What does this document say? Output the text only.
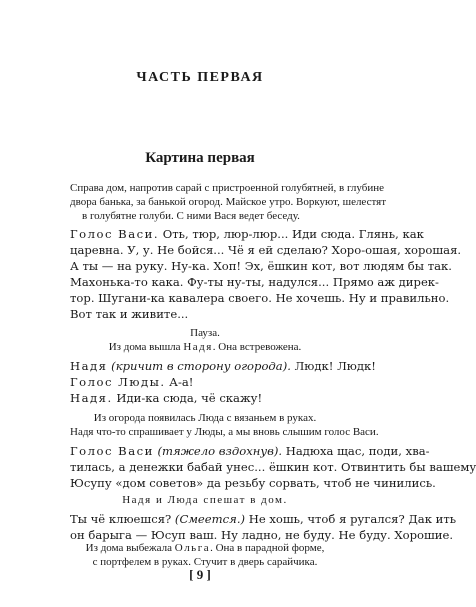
ЧАСТЬ ПЕРВАЯ
Картина первая
Справа дом, напротив сарай с пристроенной голубятней, в глубине
двора банька, за банькой огород. Майское утро. Воркуют, шелестят
в голубятне голуби. С ними Вася ведет беседу.
Голос Васи. Оть, тюр, люр-люр... Иди сюда. Глянь, как
царевна. У, у. Не бойся... Чё я ей сделаю? Хоро-ошая, хорошая.
А ты — на руку. Ну-ка. Хоп! Эх, ёшкин кот, вот людям бы так.
Махонька-то кака. Фу-ты ну-ты, надулся... Прямо аж дирек-
тор. Шугани-ка кавалера своего. Не хочешь. Ну и правильно.
Вот так и живите...
Пауза.
Из дома вышла Надя. Она встревожена.
Надя (кричит в сторону огорода). Людк! Людк!
Голос Люды. А-а!
Надя. Иди-ка сюда, чё скажу!
Из огорода появилась Люда с вязаньем в руках.
Надя что-то спрашивает у Люды, а мы вновь слышим голос Васи.
Голос Васи (тяжело вздохнув). Надюха щас, поди, хва-
тилась, а денежки бабай унес... ёшкин кот. Отвинтить бы вашему
Юсупу «дом советов» да резьбу сорвать, чтоб не чинились.
Надя и Люда спешат в дом.
Ты чё клюешся? (Смеется.) Не хошь, чтоб я ругался? Дак ить
он барыга — Юсуп ваш. Ну ладно, не буду. Не буду. Хорошие.
Из дома выбежала Ольга. Она в парадной форме,
с портфелем в руках. Стучит в дверь сарайчика.
[ 9 ]
